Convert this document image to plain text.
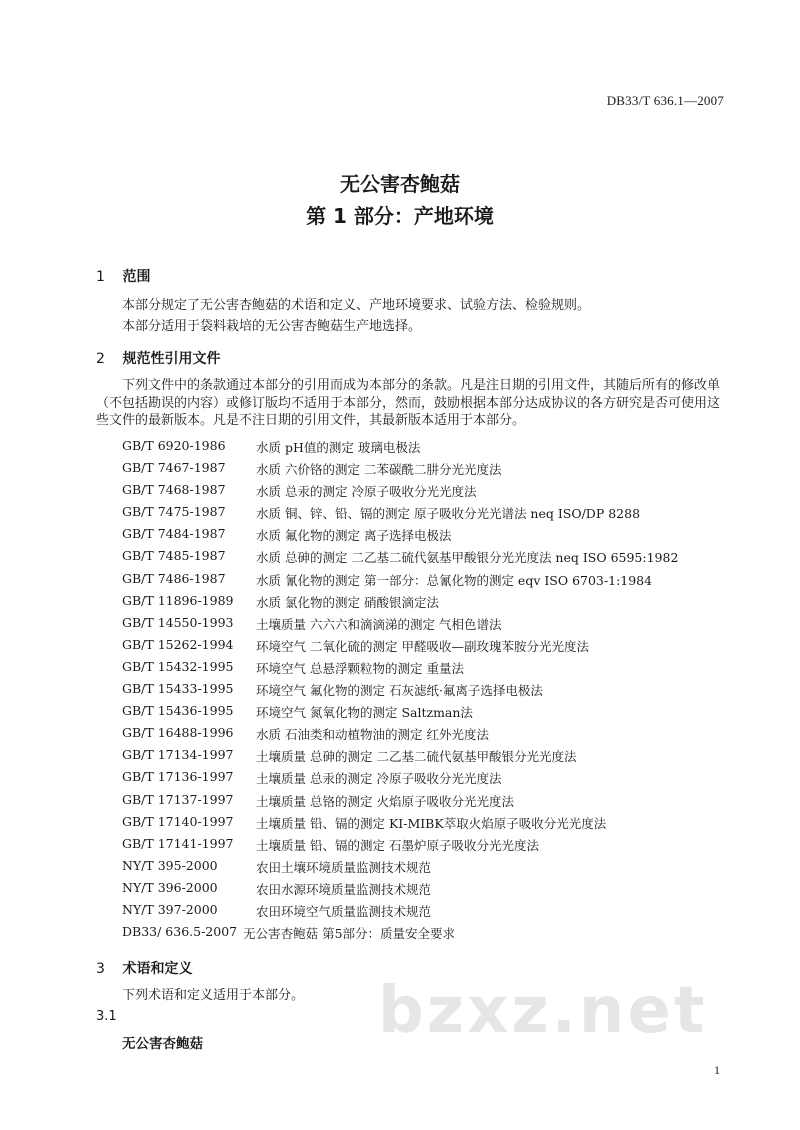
DB33/T 636.1—2007
无公害杏鲍菇
第 1 部分：产地环境
1 范围
本部分规定了无公害杏鲍菇的术语和定义、产地环境要求、试验方法、检验规则。
本部分适用于袋料栽培的无公害杏鲍菇生产地选择。
2 规范性引用文件
下列文件中的条款通过本部分的引用而成为本部分的条款。凡是注日期的引用文件，其随后所有的修改单（不包括勘误的内容）或修订版均不适用于本部分，然而，鼓励根据本部分达成协议的各方研究是否可使用这些文件的最新版本。凡是不注日期的引用文件，其最新版本适用于本部分。
GB/T 6920-1986	水质 pH值的测定 玻璃电极法
GB/T 7467-1987	水质 六价铬的测定 二苯碳酰二肼分光光度法
GB/T 7468-1987	水质 总汞的测定 冷原子吸收分光光度法
GB/T 7475-1987	水质 铜、锌、铅、镉的测定 原子吸收分光光谱法 neq ISO/DP 8288
GB/T 7484-1987	水质 氟化物的测定 离子选择电极法
GB/T 7485-1987	水质 总砷的测定 二乙基二硫代氨基甲酸银分光光度法 neq ISO 6595:1982
GB/T 7486-1987	水质 氰化物的测定 第一部分：总氰化物的测定 eqv ISO 6703-1:1984
GB/T 11896-1989	水质 氯化物的测定 硝酸银滴定法
GB/T 14550-1993	土壤质量 六六六和滴滴涕的测定 气相色谱法
GB/T 15262-1994	环境空气 二氧化硫的测定 甲醛吸收—副玫瑰苯胺分光光度法
GB/T 15432-1995	环境空气 总悬浮颗粒物的测定 重量法
GB/T 15433-1995	环境空气 氟化物的测定 石灰滤纸·氟离子选择电极法
GB/T 15436-1995	环境空气 氮氧化物的测定 Saltzman法
GB/T 16488-1996	水质 石油类和动植物油的测定 红外光度法
GB/T 17134-1997	土壤质量 总砷的测定 二乙基二硫代氨基甲酸银分光光度法
GB/T 17136-1997	土壤质量 总汞的测定 冷原子吸收分光光度法
GB/T 17137-1997	土壤质量 总铬的测定 火焰原子吸收分光光度法
GB/T 17140-1997	土壤质量 铅、镉的测定 KI-MIBK萃取火焰原子吸收分光光度法
GB/T 17141-1997	土壤质量 铅、镉的测定 石墨炉原子吸收分光光度法
NY/T 395-2000	农田土壤环境质量监测技术规范
NY/T 396-2000	农田水源环境质量监测技术规范
NY/T 397-2000	农田环境空气质量监测技术规范
DB33/ 636.5-2007 无公害杏鲍菇 第5部分：质量安全要求
3 术语和定义
下列术语和定义适用于本部分。	bzxz.net
3.1
无公害杏鲍菇
1
